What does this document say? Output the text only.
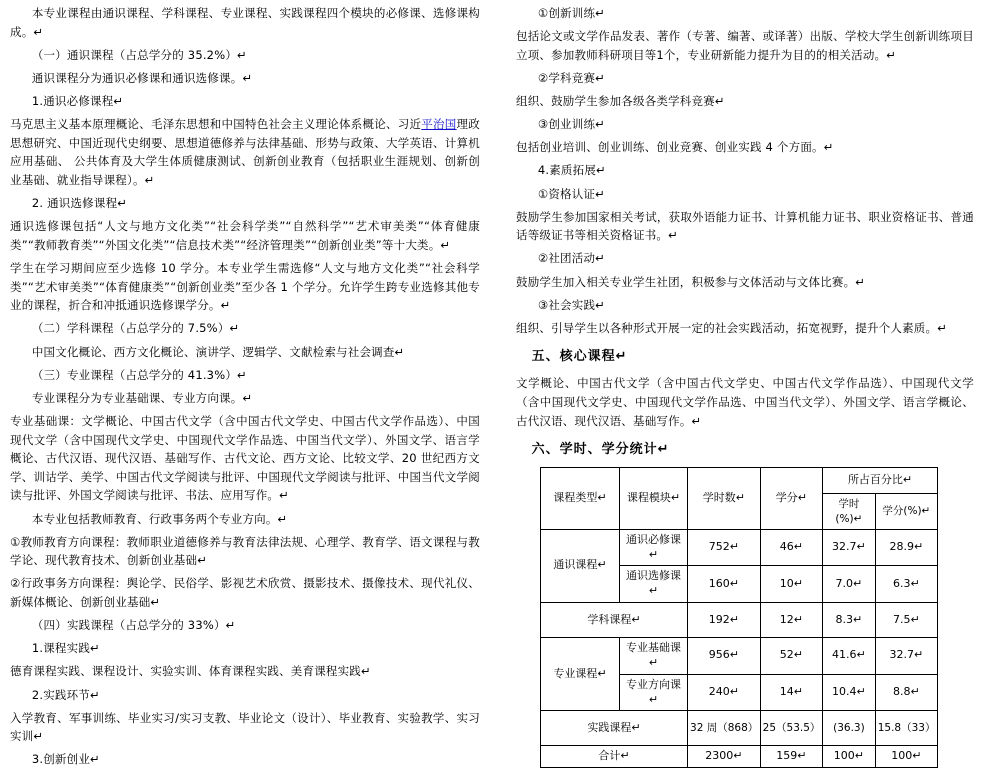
本专业课程由通识课程、学科课程、专业课程、实践课程四个模块的必修课、选修课构成。↵

（一）通识课程（占总学分的 35.2%）↵

通识课程分为通识必修课和通识选修课。↵

1.通识必修课程↵

马克思主义基本原理概论、毛泽东思想和中国特色社会主义理论体系概论、习近平治国理政思想研究、中国近现代史纲要、思想道德修养与法律基础、形势与政策、大学英语、计算机应用基础、 公共体育及大学生体质健康测试、创新创业教育（包括职业生涯规划、创新创业基础、就业指导课程）。↵

2. 通识选修课程↵

通识选修课包括“人文与地方文化类”“社会科学类”“自然科学”“艺术审美类”“体育健康类”“教师教育类”“外国文化类”“信息技术类”“经济管理类”“创新创业类”等十大类。↵

学生在学习期间应至少选修 10 学分。本专业学生需选修“人文与地方文化类”“社会科学类”“艺术审美类”“体育健康类”“创新创业类”至少各 1 个学分。允许学生跨专业选修其他专业的课程，折合和冲抵通识选修课学分。↵

（二）学科课程（占总学分的 7.5%）↵

中国文化概论、西方文化概论、演讲学、逻辑学、文献检索与社会调查↵

（三）专业课程（占总学分的 41.3%）↵

专业课程分为专业基础课、专业方向课。↵

专业基础课：文学概论、中国古代文学（含中国古代文学史、中国古代文学作品选）、中国现代文学（含中国现代文学史、中国现代文学作品选、中国当代文学）、外国文学、语言学概论、古代汉语、现代汉语、基础写作、古代文论、西方文论、比较文学、20 世纪西方文学、训诂学、美学、中国古代文学阅读与批评、中国现代文学阅读与批评、中国当代文学阅读与批评、外国文学阅读与批评、书法、应用写作。↵

本专业包括教师教育、行政事务两个专业方向。↵

①教师教育方向课程：教师职业道德修养与教育法律法规、心理学、教育学、语文课程与教学论、现代教育技术、创新创业基础↵

②行政事务方向课程：舆论学、民俗学、影视艺术欣赏、摄影技术、摄像技术、现代礼仪、新媒体概论、创新创业基础↵

（四）实践课程（占总学分的 33%）↵

1.课程实践↵

德育课程实践、课程设计、实验实训、体育课程实践、美育课程实践↵

2.实践环节↵

入学教育、军事训练、毕业实习/实习支教、毕业论文（设计）、毕业教育、实验教学、实习实训↵

3.创新创业↵

①创新训练↵

包括论文或文学作品发表、著作（专著、编著、或译著）出版、学校大学生创新训练项目立项、参加教师科研项目等1个，专业研新能力提升为目的的相关活动。↵

②学科竞赛↵

组织、鼓励学生参加各级各类学科竞赛↵

③创业训练↵

包括创业培训、创业训练、创业竞赛、创业实践 4 个方面。↵

4.素质拓展↵

①资格认证↵

鼓励学生参加国家相关考试，获取外语能力证书、计算机能力证书、职业资格证书、普通话等级证书等相关资格证书。↵

②社团活动↵

鼓励学生加入相关专业学生社团，积极参与文体活动与文体比赛。↵

③社会实践↵

组织、引导学生以各种形式开展一定的社会实践活动，拓宽视野，提升个人素质。↵

五、核心课程↵

文学概论、中国古代文学（含中国古代文学史、中国古代文学作品选）、中国现代文学（含中国现代文学史、中国现代文学作品选、中国当代文学）、外国文学、语言学概论、古代汉语、现代汉语、基础写作。↵

六、学时、学分统计↵

课程类型↵	课程模块↵	学时数↵	学分↵	所占百分比↵	
				学时(%)↵	学分(%)↵
通识课程↵	通识必修课↵	752↵	46↵	32.7↵	28.9↵
	通识选修课↵	160↵	10↵	7.0↵	6.3↵
学科课程↵		192↵	12↵	8.3↵	7.5↵
专业课程↵	专业基础课↵	956↵	52↵	41.6↵	32.7↵
	专业方向课↵	240↵	14↵	10.4↵	8.8↵
实践课程↵		32 周（868）	25（53.5）	(36.3)	15.8（33）
合计↵		2300↵	159↵	100↵	100↵
